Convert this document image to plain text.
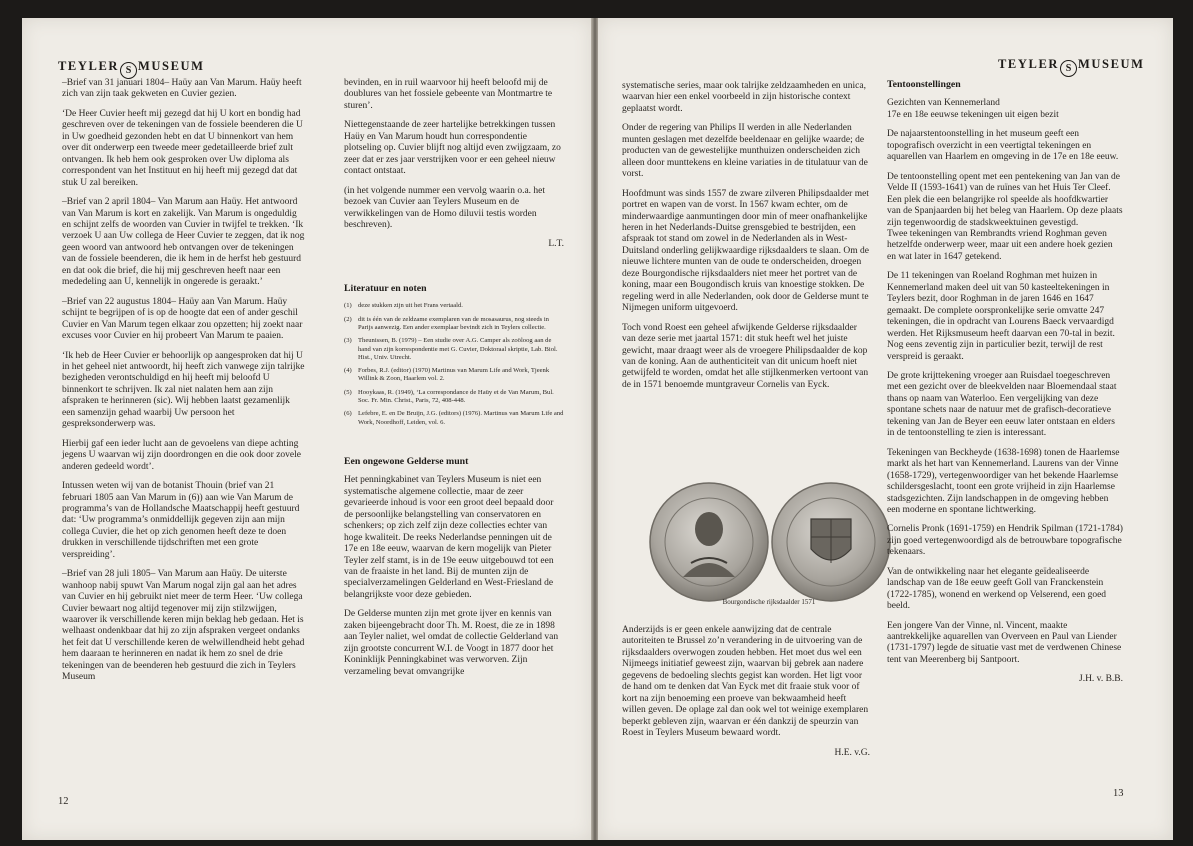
TEYLER S MUSEUM

–Brief van 31 januari 1804– Haüy aan Van Marum. Haüy heeft zich van zijn taak gekweten en Cuvier gezien.

‘De Heer Cuvier heeft mij gezegd dat hij U kort en bondig had geschreven over de tekeningen van de fossiele beenderen die U in Uw goedheid gezonden hebt en dat U binnenkort van hem over dit onderwerp een tweede meer gedetailleerde brief zult ontvangen. Ik heb hem ook gesproken over Uw diploma als correspondent van het Instituut en hij heeft mij gezegd dat dat stuk U zal bereiken.

–Brief van 2 april 1804– Van Marum aan Haüy. Het antwoord van Van Marum is kort en zakelijk. Van Marum is ongeduldig en schijnt zelfs de woorden van Cuvier in twijfel te trekken. ‘Ik verzoek U aan Uw collega de Heer Cuvier te zeggen, dat ik nog geen woord van antwoord heb ontvangen over de tekeningen van de fossiele beenderen, die ik hem in de herfst heb gestuurd en dat ook die brief, die hij mij geschreven heeft naar een mededeling aan U, kennelijk in ongerede is geraakt.’

–Brief van 22 augustus 1804– Haüy aan Van Marum. Haüy schijnt te begrijpen of is op de hoogte dat een of ander geschil Cuvier en Van Marum tegen elkaar zou opzetten; hij zoekt naar excuses voor Cuvier en hij probeert Van Marum te paaien.

‘Ik heb de Heer Cuvier er behoorlijk op aangesproken dat hij U in het geheel niet antwoordt, hij heeft zich vanwege zijn talrijke bezigheden verontschuldigd en hij heeft mij beloofd U binnenkort te schrijven. Ik zal niet nalaten hem aan zijn afspraken te herinneren (sic). Wij hebben laatst gezamenlijk een samenzijn gehad waarbij Uw persoon het gespreksonderwerp was.

Hierbij gaf een ieder lucht aan de gevoelens van diepe achting jegens U waarvan wij zijn doordrongen en die ook door zovele anderen gedeeld wordt’.

Intussen weten wij van de botanist Thouin (brief van 21 februari 1805 aan Van Marum in (6)) aan wie Van Marum de programma’s van de Hollandsche Maatschappij heeft gestuurd dat: ‘Uw programma’s onmiddellijk gegeven zijn aan mijn collega Cuvier, die het op zich genomen heeft deze te doen drukken in verschillende tijdschriften met een grote verspreiding’.

–Brief van 28 juli 1805– Van Marum aan Haüy. De uiterste wanhoop nabij spuwt Van Marum nogal zijn gal aan het adres van Cuvier en hij gebruikt niet meer de term Heer. ‘Uw collega Cuvier bewaart nog altijd tegenover mij zijn stilzwijgen, waarover ik verschillende keren mijn beklag heb gedaan. Het is welhaast ondenkbaar dat hij zo zijn afspraken vergeet ondanks het feit dat U verschillende keren de welwillendheid hebt gehad hem daaraan te herinneren en nadat ik hem zo snel de drie tekeningen van de beenderen heb gestuurd die zich in Teylers Museum

bevinden, en in ruil waarvoor hij heeft beloofd mij de doublures van het fossiele gebeente van Montmartre te sturen’.

Niettegenstaande de zeer hartelijke betrekkingen tussen Haüy en Van Marum houdt hun correspondentie plotseling op. Cuvier blijft nog altijd even zwijgzaam, zo zeer dat er zes jaar verstrijken voor er een geheel nieuw contact ontstaat.

(in het volgende nummer een vervolg waarin o.a. het bezoek van Cuvier aan Teylers Museum en de verwikkelingen van de Homo diluvii testis worden beschreven).

L.T.
Literatuur en noten
(1) deze stukken zijn uit het Frans vertaald.
(2) dit is één van de zeldzame exemplaren van de mosasaurus, nog steeds in Parijs aanwezig. Een ander exemplaar bevindt zich in Teylers collectie.
(3) Theunissen, B. (1979) – Een studie over A.G. Camper als zoöloog aan de hand van zijn korrespondentie met G. Cuvier, Doktoraal skriptie, Lab. Biol. Hist., Univ. Utrecht.
(4) Forbes, R.J. (editor) (1970) Martinus van Marum Life and Work, Tjeenk Willink & Zoon, Haarlem vol. 2.
(5) Hooykaas, R. (1949), ‘La correspondance de Haüy et de Van Marum, Bul. Soc. Fr. Min. Christ., Paris, 72, 408-448.
(6) Lefebre, E. en De Bruijn, J.G. (editors) (1976). Martinus van Marum Life and Work, Noordhoff, Leiden, vol. 6.
Een ongewone Gelderse munt

Het penningkabinet van Teylers Museum is niet een systematische algemene collectie, maar de zeer gevarieerde inhoud is voor een groot deel bepaald door de persoonlijke belangstelling van conservatoren en schenkers; op zich zelf zijn deze collecties echter van hoge kwaliteit. De reeks Nederlandse penningen uit de 17e en 18e eeuw, waarvan de kern mogelijk van Pieter Teyler zelf stamt, is in de 19e eeuw uitgebouwd tot een van de fraaiste in het land. Bij de munten zijn de specialverzamelingen Gelderland en West-Friesland de belangrijkste voor deze gebieden.

De Gelderse munten zijn met grote ijver en kennis van zaken bijeengebracht door Th. M. Roest, die ze in 1898 aan Teyler naliet, wel omdat de collectie Gelderland van zijn grootste concurrent W.I. de Voogt in 1877 door het Koninklijk Penningkabinet was verworven. Zijn verzameling bevat omvangrijke

12
TEYLER S MUSEUM

systematische series, maar ook talrijke zeldzaamheden en unica, waarvan hier een enkel voorbeeld in zijn historische context geplaatst wordt.

Onder de regering van Philips II werden in alle Nederlanden munten geslagen met dezelfde beeldenaar en gelijke waarde; de producten van de gewestelijke munthuizen onderscheiden zich alleen door munttekens en kleine variaties in de titulatuur van de vorst.

Hoofdmunt was sinds 1557 de zware zilveren Philipsdaalder met portret en wapen van de vorst. In 1567 kwam echter, om de minderwaardige aanmuntingen door min of meer onafhankelijke heren in het Nederlands-Duitse grensgebied te bestrijden, een afspraak tot stand om zowel in de Nederlanden als in West-Duitsland onderling gelijkwaardige rijksdaalders te slaan. Om de nieuwe lichtere munten van de oude te onderscheiden, droegen deze Bourgondische rijksdaalders niet meer het portret van de koning, maar een Bougondisch kruis van knoestige stokken. De regeling werd in alle Nederlanden, ook door de Gelderse munt te Nijmegen uniform uitgevoerd.

Toch vond Roest een geheel afwijkende Gelderse rijksdaalder van deze serie met jaartal 1571: dit stuk heeft wel het juiste gewicht, maar draagt weer als de vroegere Philipsdaalder de kop van de koning. Aan de authenticiteit van dit unicum hoeft niet getwijfeld te worden, omdat het alle stijlkenmerken vertoont van de in 1571 benoemde muntgraveur Cornelis van Eyck.

Bourgondische rijksdaalder 1571

Anderzijds is er geen enkele aanwijzing dat de centrale autoriteiten te Brussel zo’n verandering in de uitvoering van de rijksdaalders overwogen zouden hebben. Het moet dus wel een Nijmeegs initiatief geweest zijn, waarvan bij gebrek aan nadere gegevens de bedoeling slechts gegist kan worden. Het ligt voor de hand om te denken dat Van Eyck met dit fraaie stuk voor of kort na zijn benoeming een proeve van bekwaamheid heeft willen geven. De oplage zal dan ook wel tot weinige exemplaren beperkt gebleven zijn, waarvan er één dankzij de speurzin van Roest in Teylers Museum bewaard wordt.

H.E. v.G.
Tentoonstellingen

Gezichten van Kennemerland
17e en 18e eeuwse tekeningen uit eigen bezit

De najaarstentoonstelling in het museum geeft een topografisch overzicht in een veertigtal tekeningen en aquarellen van Haarlem en omgeving in de 17e en 18e eeuw.

De tentoonstelling opent met een pentekening van Jan van de Velde II (1593-1641) van de ruïnes van het Huis Ter Cleef. Een plek die een belangrijke rol speelde als hoofdkwartier van de Spanjaarden bij het beleg van Haarlem. Op deze plaats zijn tegenwoordig de stadskweektuinen gevestigd.
Twee tekeningen van Rembrandts vriend Roghman geven hetzelfde onderwerp weer, maar uit een andere hoek gezien en wat later in 1647 getekend.

De 11 tekeningen van Roeland Roghman met huizen in Kennemerland maken deel uit van 50 kasteeltekeningen in Teylers bezit, door Roghman in de jaren 1646 en 1647 gemaakt. De complete oorspronkelijke serie omvatte 247 tekeningen, die in opdracht van Lourens Baeck vervaardigd werden. Het Rijksmuseum heeft daarvan een 70-tal in bezit. Nog eens zeventig zijn in particulier bezit, terwijl de rest verspreid is geraakt.

De grote krijttekening vroeger aan Ruisdael toegeschreven met een gezicht over de bleekvelden naar Bloemendaal staat thans op naam van Waterloo. Een vergelijking van deze spontane schets naar de natuur met de grafisch-decoratieve tekening van Jan de Beyer een eeuw later ontstaan en elders in de tentoonstelling te zien is interessant.

Tekeningen van Beckheyde (1638-1698) tonen de Haarlemse markt als het hart van Kennemerland. Laurens van der Vinne (1658-1729), vertegenwoordiger van het bekende Haarlemse schildersgeslacht, toont een grote vrijheid in zijn Haarlemse stadsgezichten. Zijn landschappen in de omgeving hebben een moderne en spontane lichtwerking.

Cornelis Pronk (1691-1759) en Hendrik Spilman (1721-1784) zijn goed vertegenwoordigd als de betrouwbare topografische tekenaars.

Van de ontwikkeling naar het elegante geïdealiseerde landschap van de 18e eeuw geeft Goll van Franckenstein (1722-1785), wonend en werkend op Velserend, een goed beeld.

Een jongere Van der Vinne, nl. Vincent, maakte aantrekkelijke aquarellen van Overveen en Paul van Liender (1731-1797) legde de situatie vast met de verdwenen Chinese tent van Meerenberg bij Santpoort.

J.H. v. B.B.
13
